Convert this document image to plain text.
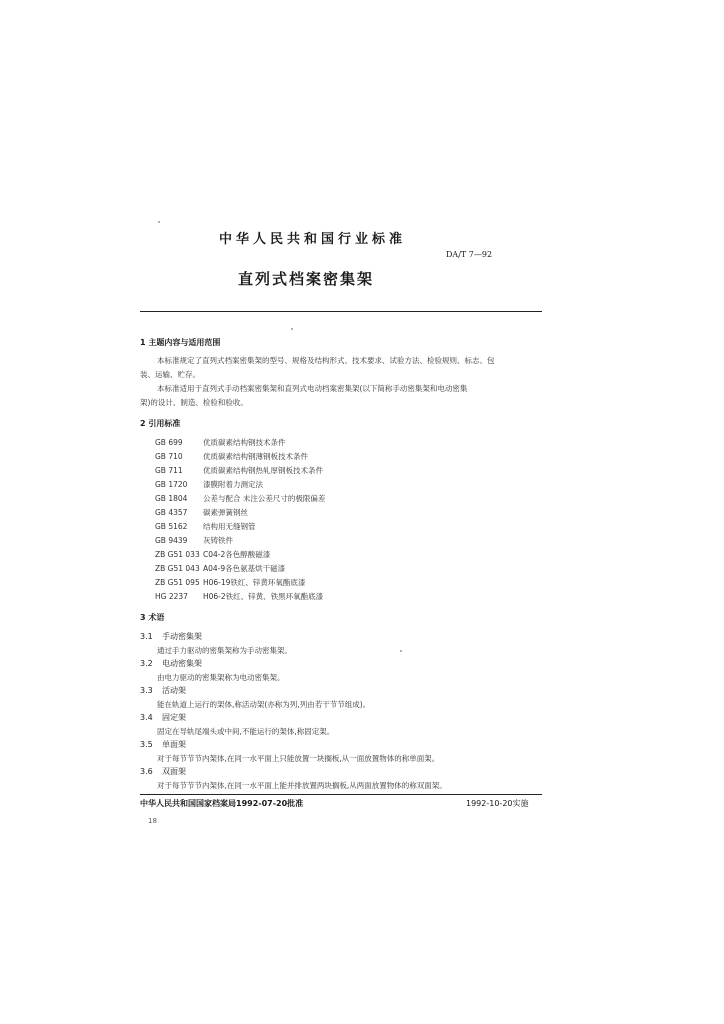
中华人民共和国行业标准
DA/T 7—92
直列式档案密集架
1 主题内容与适用范围
本标准规定了直列式档案密集架的型号、规格及结构形式、技术要求、试验方法、检验规则、标志、包
装、运输、贮存。
本标准适用于直列式手动档案密集架和直列式电动档案密集架(以下简称手动密集架和电动密集
架)的设计、制造、检验和验收。
2 引用标准
GB 699	优质碳素结构钢技术条件
GB 710	优质碳素结构钢薄钢板技术条件
GB 711	优质碳素结构钢热轧厚钢板技术条件
GB 1720 漆膜附着力测定法
GB 1804 公差与配合 未注公差尺寸的极限偏差
GB 4357 碳素弹簧钢丝
GB 5162 结构用无缝钢管
GB 9439 灰铸铁件
ZB G51 033 C04-2各色醇酸磁漆
ZB G51 043 A04-9各色氨基烘干磁漆
ZB G51 095 H06-19铁红、锌黄环氧酯底漆
HG 2237 H06-2铁红、锌黄、铁黑环氧酯底漆
3 术语
3.1 手动密集架
通过手力驱动的密集架称为手动密集架。
3.2 电动密集架
由电力驱动的密集架称为电动密集架。
3.3 活动架
能在轨道上运行的架体,称活动架(亦称为列,列由若干节节组成)。
3.4 固定架
固定在导轨尾端头或中间,不能运行的架体,称固定架。
3.5 单面架
对于每节节节内架体,在同一水平面上只能放置一块搁板,从一面放置物体的称单面架。
3.6 双面架
对于每节节节内架体,在同一水平面上能并排放置两块搁板,从两面放置物体的称双面架。
中华人民共和国国家档案局1992-07-20批准	1992-10-20实施
18
